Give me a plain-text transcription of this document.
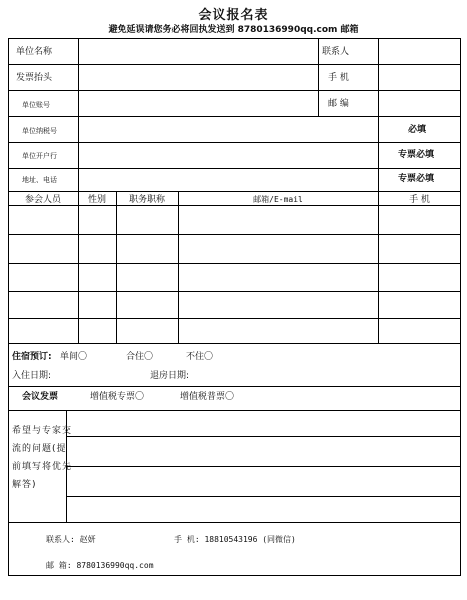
会议报名表
避免延误请您务必将回执发送到 8780136990qq.com 邮箱
单位名称	联系人
发票抬头	手 机
单位账号	邮 编
单位纳税号	必填
单位开户行	专票必填
地址、电话	专票必填
参会人员	性别	职务职称	邮箱/E-mail	手 机
住宿预订: 单间〇	合住〇	不住〇
入住日期:	退房日期:
会议发票	增值税专票〇	增值税普票〇
希望与专家交流的问题(提前填写将优先解答)
联系人: 赵妍	手 机: 18810543196 (同微信)
邮 箱: 8780136990qq.com
